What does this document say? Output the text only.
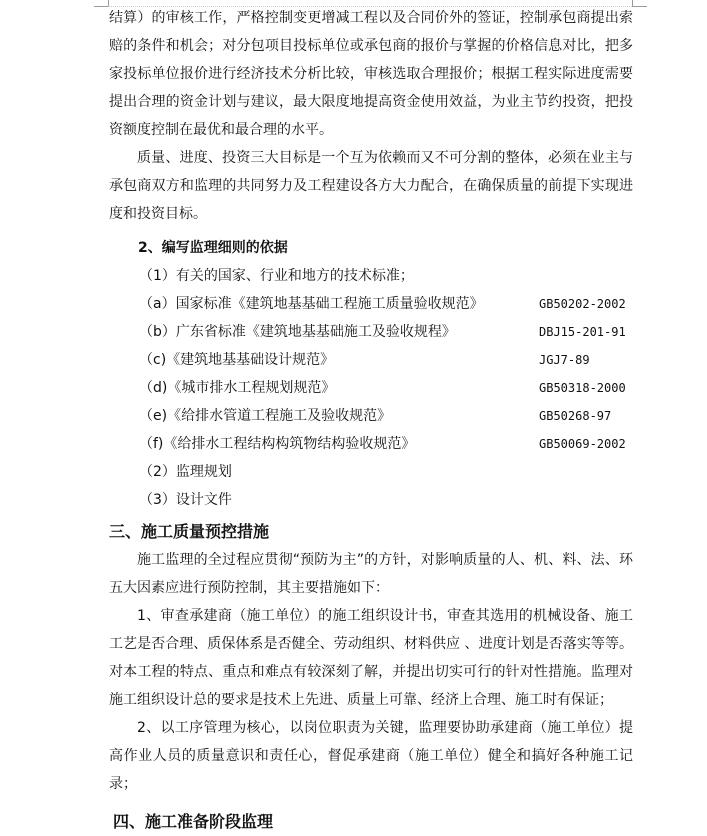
结算）的审核工作，严格控制变更增减工程以及合同价外的签证，控制承包商提出索赔的条件和机会；对分包项目投标单位或承包商的报价与掌握的价格信息对比，把多家投标单位报价进行经济技术分析比较，审核选取合理报价；根据工程实际进度需要提出合理的资金计划与建议，最大限度地提高资金使用效益，为业主节约投资，把投资额度控制在最优和最合理的水平。
质量、进度、投资三大目标是一个互为依赖而又不可分割的整体，必须在业主与承包商双方和监理的共同努力及工程建设各方大力配合，在确保质量的前提下实现进度和投资目标。
2、编写监理细则的依据
（1）有关的国家、行业和地方的技术标准；
（a）国家标准《建筑地基基础工程施工质量验收规范》	GB50202-2002
（b）广东省标准《建筑地基基础施工及验收规程》	DBJ15-201-91
（c)《建筑地基基础设计规范》	JGJ7-89
（d)《城市排水工程规划规范》	GB50318-2000
（e)《给排水管道工程施工及验收规范》	GB50268-97
（f)《给排水工程结构构筑物结构验收规范》	GB50069-2002
（2）监理规划
（3）设计文件
三、施工质量预控措施
施工监理的全过程应贯彻“预防为主”的方针，对影响质量的人、机、料、法、环五大因素应进行预防控制，其主要措施如下：
1、审查承建商（施工单位）的施工组织设计书，审查其选用的机械设备、施工工艺是否合理、质保体系是否健全、劳动组织、材料供应 、进度计划是否落实等等。对本工程的特点、重点和难点有较深刻了解，并提出切实可行的针对性措施。监理对施工组织设计总的要求是技术上先进、质量上可靠、经济上合理、施工时有保证；
2、以工序管理为核心，以岗位职责为关键，监理要协助承建商（施工单位）提高作业人员的质量意识和责任心，督促承建商（施工单位）健全和搞好各种施工记录；
四、施工准备阶段监理
